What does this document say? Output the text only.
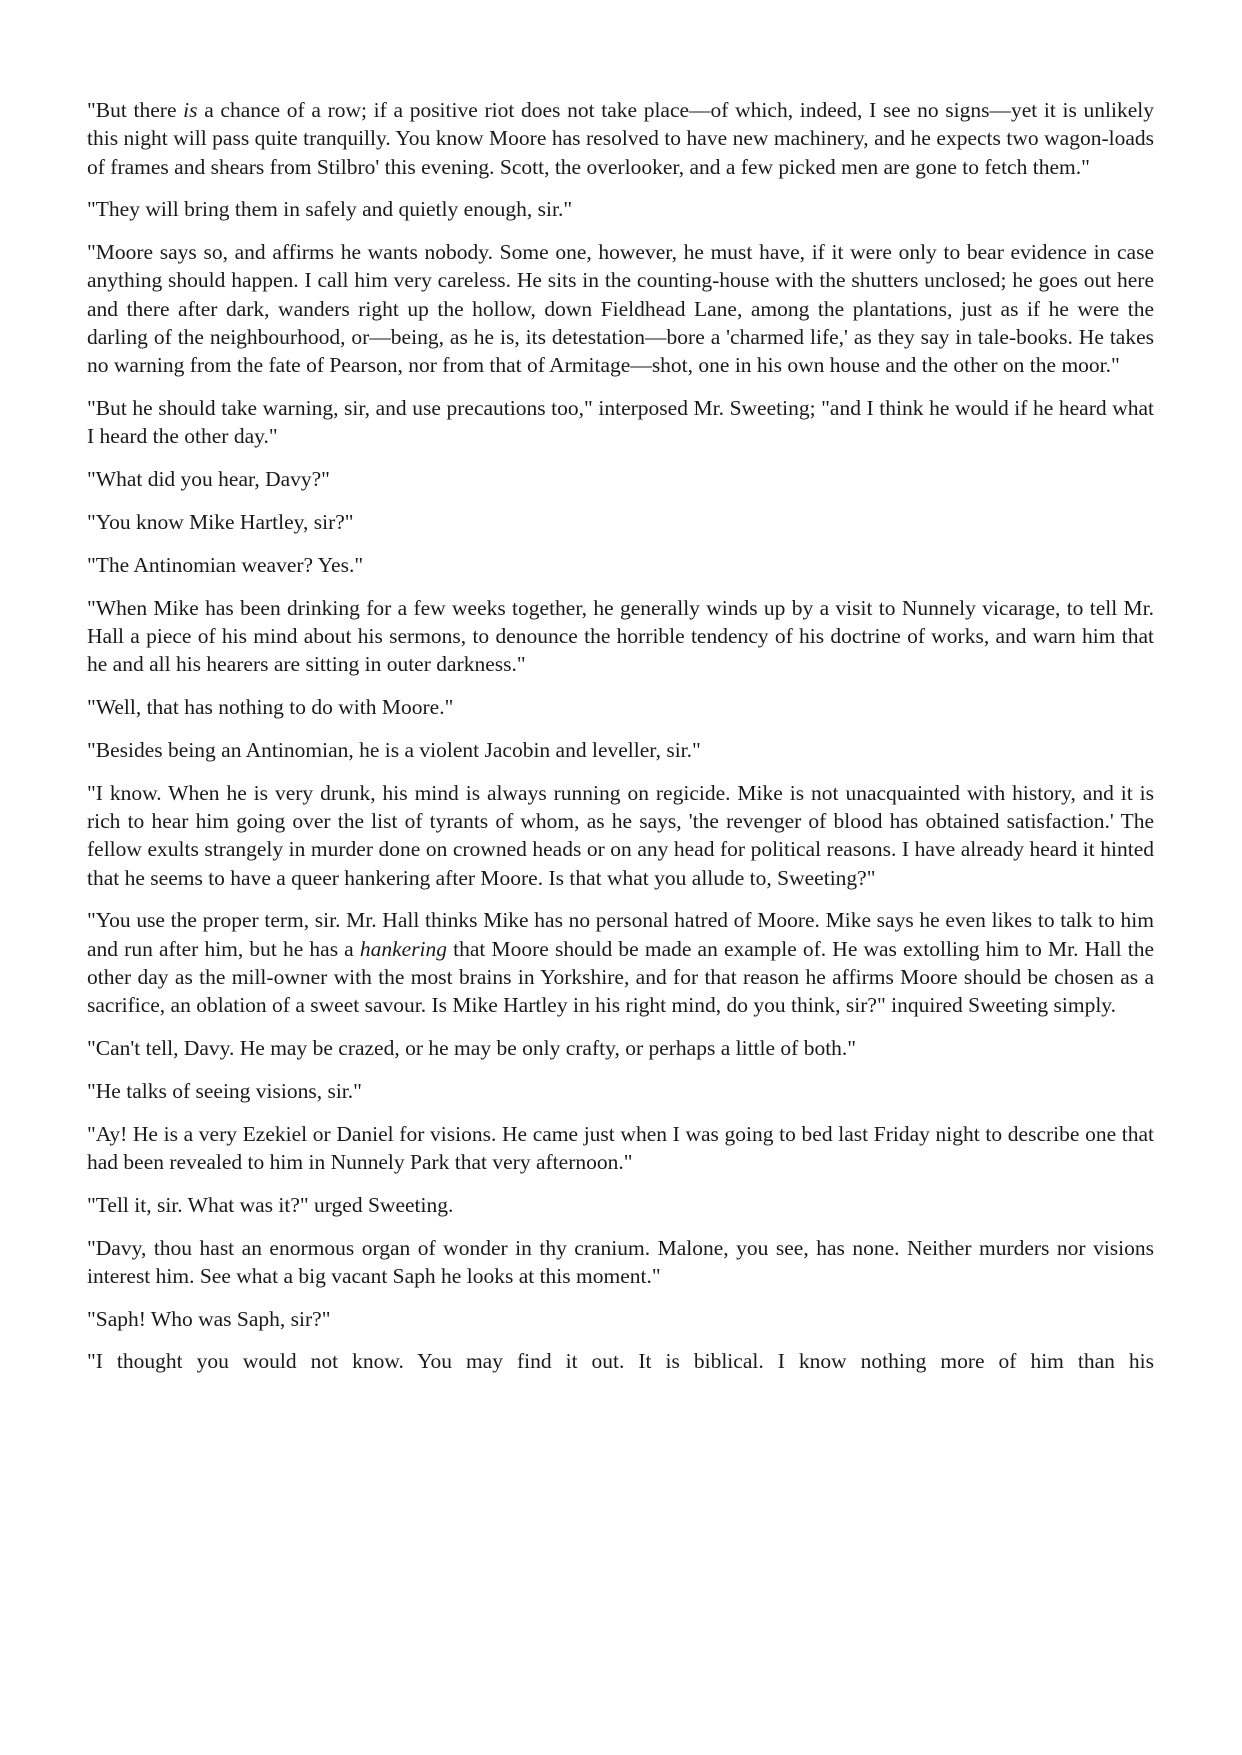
"But there is a chance of a row; if a positive riot does not take place—of which, indeed, I see no signs—yet it is unlikely this night will pass quite tranquilly. You know Moore has resolved to have new machinery, and he expects two wagon-loads of frames and shears from Stilbro' this evening. Scott, the overlooker, and a few picked men are gone to fetch them."

"They will bring them in safely and quietly enough, sir."

"Moore says so, and affirms he wants nobody. Some one, however, he must have, if it were only to bear evidence in case anything should happen. I call him very careless. He sits in the counting-house with the shutters unclosed; he goes out here and there after dark, wanders right up the hollow, down Fieldhead Lane, among the plantations, just as if he were the darling of the neighbourhood, or—being, as he is, its detestation—bore a 'charmed life,' as they say in tale-books. He takes no warning from the fate of Pearson, nor from that of Armitage—shot, one in his own house and the other on the moor."

"But he should take warning, sir, and use precautions too," interposed Mr. Sweeting; "and I think he would if he heard what I heard the other day."

"What did you hear, Davy?"

"You know Mike Hartley, sir?"

"The Antinomian weaver? Yes."

"When Mike has been drinking for a few weeks together, he generally winds up by a visit to Nunnely vicarage, to tell Mr. Hall a piece of his mind about his sermons, to denounce the horrible tendency of his doctrine of works, and warn him that he and all his hearers are sitting in outer darkness."

"Well, that has nothing to do with Moore."

"Besides being an Antinomian, he is a violent Jacobin and leveller, sir."

"I know. When he is very drunk, his mind is always running on regicide. Mike is not unacquainted with history, and it is rich to hear him going over the list of tyrants of whom, as he says, 'the revenger of blood has obtained satisfaction.' The fellow exults strangely in murder done on crowned heads or on any head for political reasons. I have already heard it hinted that he seems to have a queer hankering after Moore. Is that what you allude to, Sweeting?"

"You use the proper term, sir. Mr. Hall thinks Mike has no personal hatred of Moore. Mike says he even likes to talk to him and run after him, but he has a hankering that Moore should be made an example of. He was extolling him to Mr. Hall the other day as the mill-owner with the most brains in Yorkshire, and for that reason he affirms Moore should be chosen as a sacrifice, an oblation of a sweet savour. Is Mike Hartley in his right mind, do you think, sir?" inquired Sweeting simply.

"Can't tell, Davy. He may be crazed, or he may be only crafty, or perhaps a little of both."

"He talks of seeing visions, sir."

"Ay! He is a very Ezekiel or Daniel for visions. He came just when I was going to bed last Friday night to describe one that had been revealed to him in Nunnely Park that very afternoon."

"Tell it, sir. What was it?" urged Sweeting.

"Davy, thou hast an enormous organ of wonder in thy cranium. Malone, you see, has none. Neither murders nor visions interest him. See what a big vacant Saph he looks at this moment."

"Saph! Who was Saph, sir?"

"I thought you would not know. You may find it out. It is biblical. I know nothing more of him than his
